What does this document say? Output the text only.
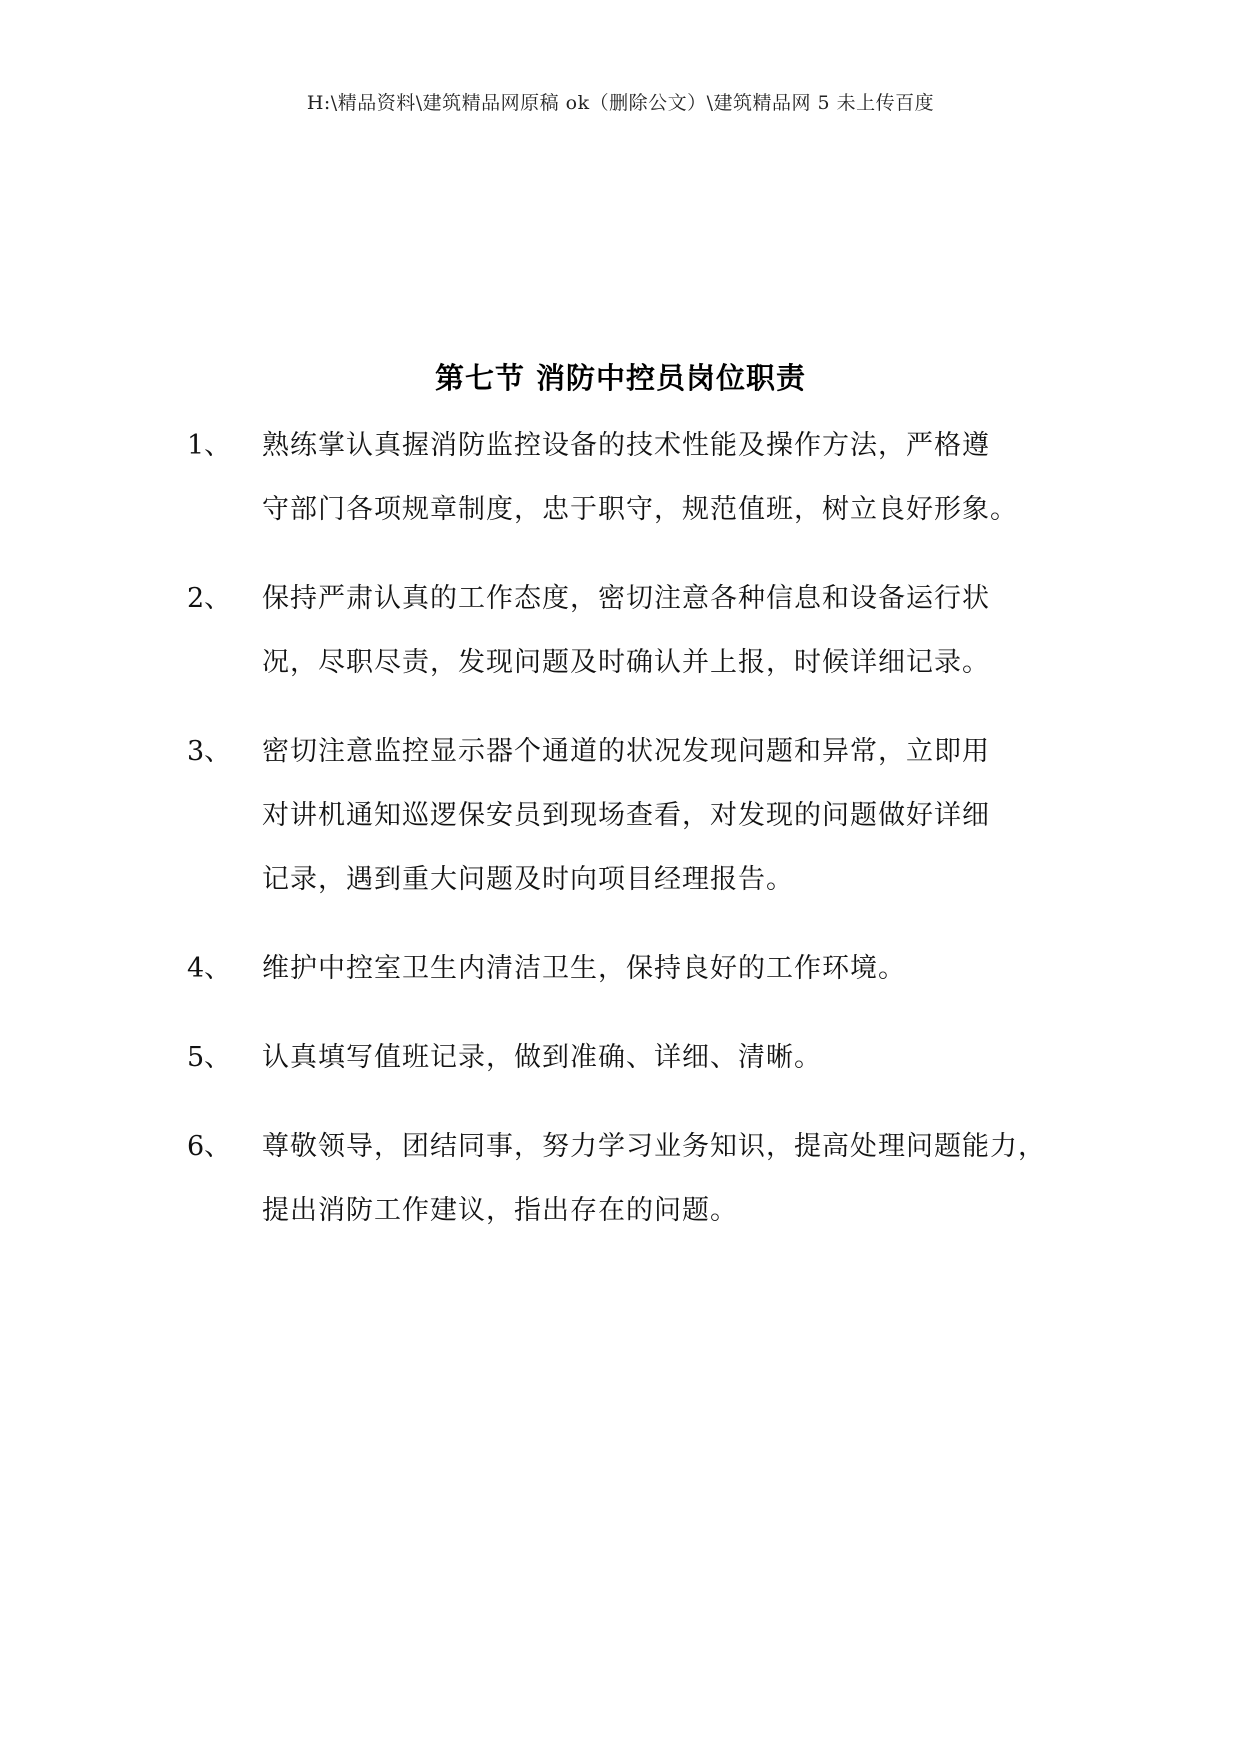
H:\精品资料\建筑精品网原稿 ok（删除公文）\建筑精品网 5 未上传百度
第七节 消防中控员岗位职责
1、	熟练掌认真握消防监控设备的技术性能及操作方法，严格遵
守部门各项规章制度，忠于职守，规范值班，树立良好形象。
2、	保持严肃认真的工作态度，密切注意各种信息和设备运行状
况，尽职尽责，发现问题及时确认并上报，时候详细记录。
3、	密切注意监控显示器个通道的状况发现问题和异常，立即用
对讲机通知巡逻保安员到现场查看，对发现的问题做好详细
记录，遇到重大问题及时向项目经理报告。
4、	维护中控室卫生内清洁卫生，保持良好的工作环境。
5、	认真填写值班记录，做到准确、详细、清晰。
6、	尊敬领导，团结同事，努力学习业务知识，提高处理问题能力，
提出消防工作建议，指出存在的问题。
